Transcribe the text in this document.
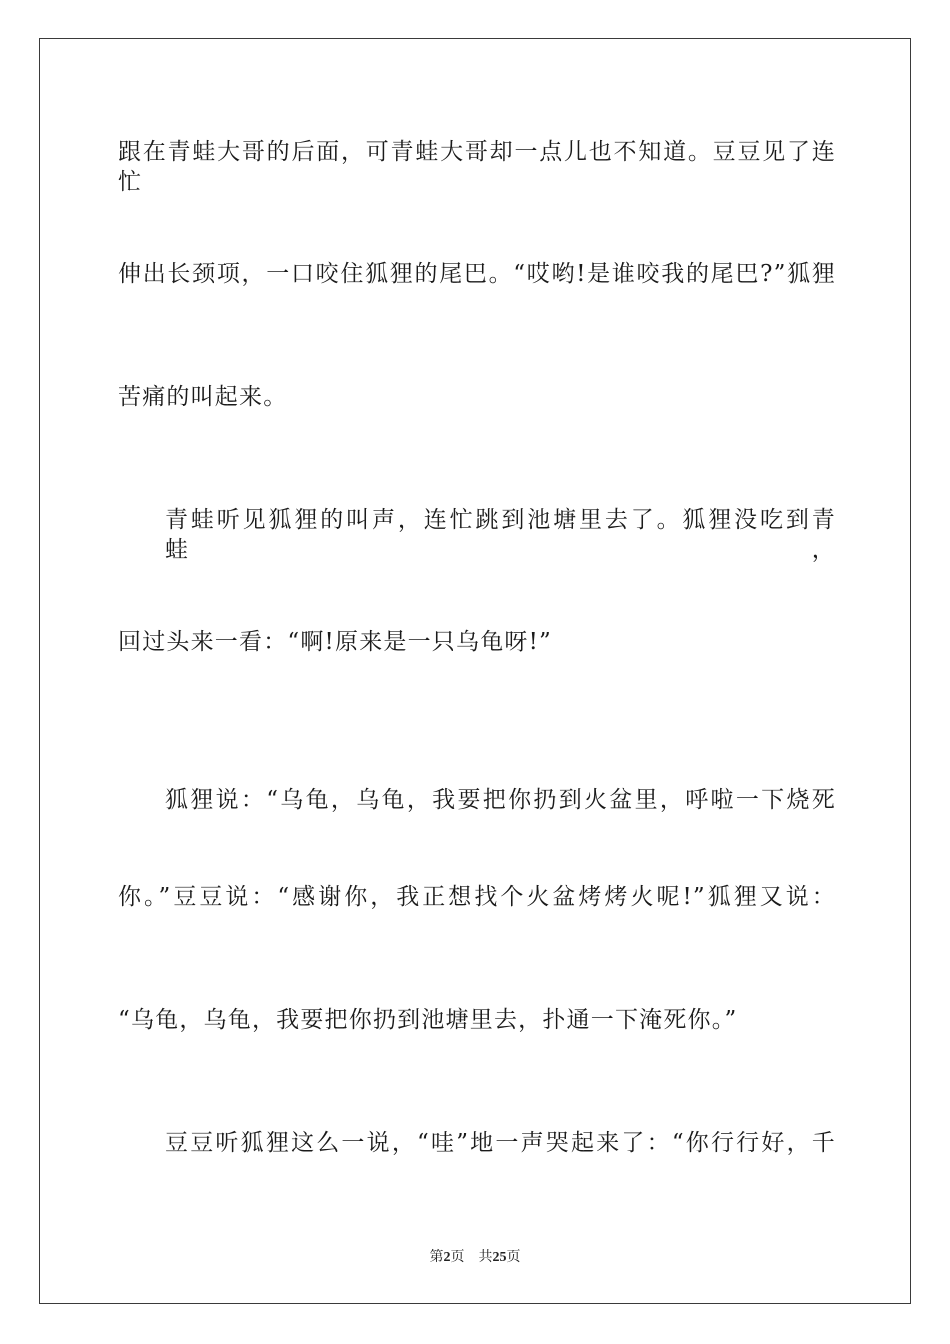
跟在青蛙大哥的后面，可青蛙大哥却一点儿也不知道。豆豆见了连忙
伸出长颈项，一口咬住狐狸的尾巴。“哎哟!是谁咬我的尾巴?”狐狸
苦痛的叫起来。
青蛙听见狐狸的叫声，连忙跳到池塘里去了。狐狸没吃到青蛙，
回过头来一看：“啊!原来是一只乌龟呀!”
狐狸说：“乌龟，乌龟，我要把你扔到火盆里，呼啦一下烧死
你。”豆豆说：“感谢你，我正想找个火盆烤烤火呢!”狐狸又说：
“乌龟，乌龟，我要把你扔到池塘里去，扑通一下淹死你。”
豆豆听狐狸这么一说，“哇”地一声哭起来了：“你行行好，千
第2页 共25页
